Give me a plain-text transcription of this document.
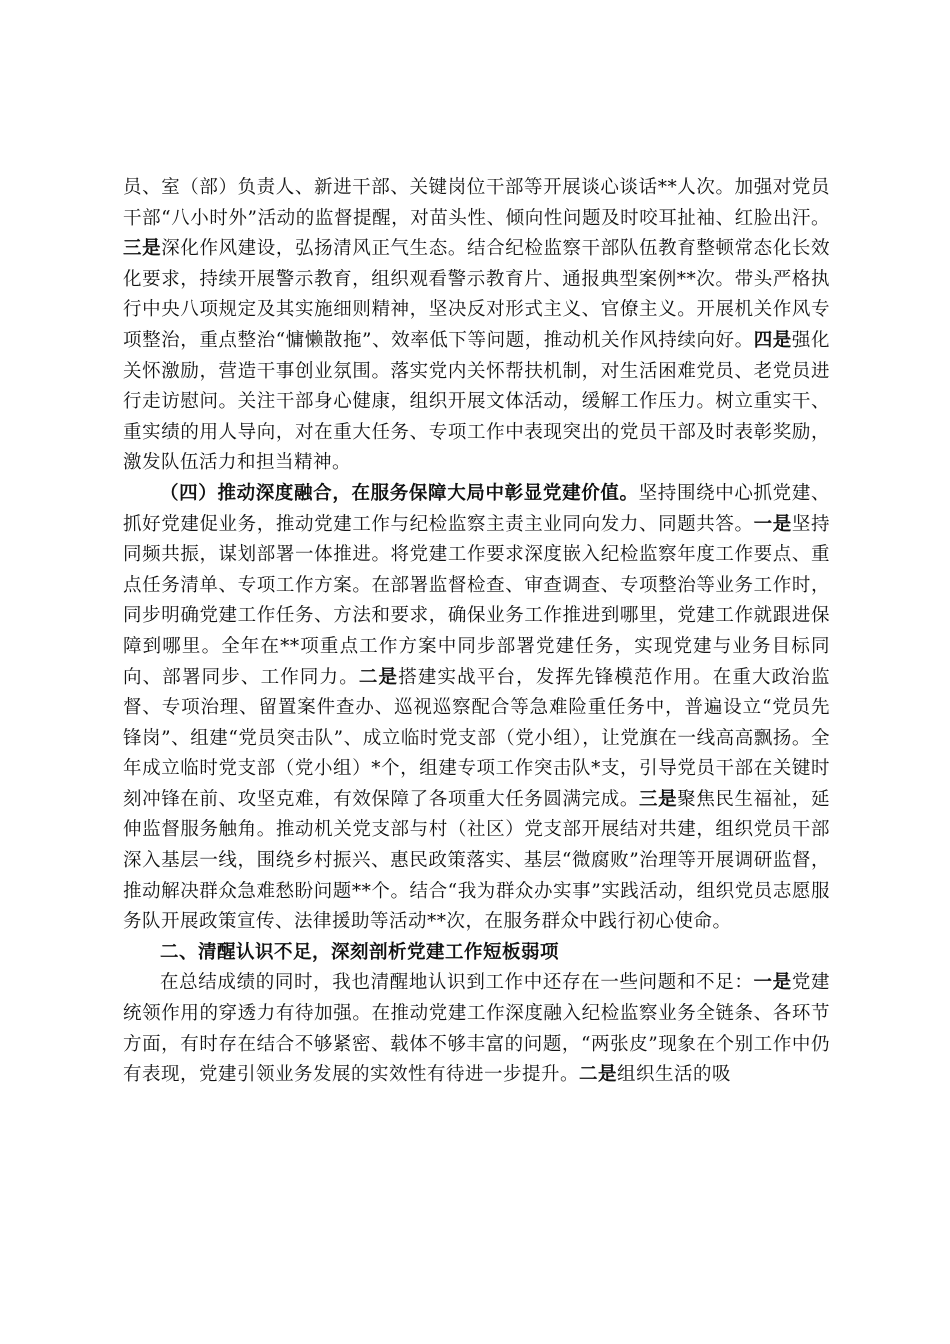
员、室（部）负责人、新进干部、关键岗位干部等开展谈心谈话**人次。加强对党员干部“八小时外”活动的监督提醒，对苗头性、倾向性问题及时咬耳扯袖、红脸出汗。三是深化作风建设，弘扬清风正气生态。结合纪检监察干部队伍教育整顿常态化长效化要求，持续开展警示教育，组织观看警示教育片、通报典型案例**次。带头严格执行中央八项规定及其实施细则精神，坚决反对形式主义、官僚主义。开展机关作风专项整治，重点整治“慵懒散拖”、效率低下等问题，推动机关作风持续向好。四是强化关怀激励，营造干事创业氛围。落实党内关怀帮扶机制，对生活困难党员、老党员进行走访慰问。关注干部身心健康，组织开展文体活动，缓解工作压力。树立重实干、重实绩的用人导向，对在重大任务、专项工作中表现突出的党员干部及时表彰奖励，激发队伍活力和担当精神。

（四）推动深度融合，在服务保障大局中彰显党建价值。坚持围绕中心抓党建、抓好党建促业务，推动党建工作与纪检监察主责主业同向发力、同题共答。一是坚持同频共振，谋划部署一体推进。将党建工作要求深度嵌入纪检监察年度工作要点、重点任务清单、专项工作方案。在部署监督检查、审查调查、专项整治等业务工作时，同步明确党建工作任务、方法和要求，确保业务工作推进到哪里，党建工作就跟进保障到哪里。全年在**项重点工作方案中同步部署党建任务，实现党建与业务目标同向、部署同步、工作同力。二是搭建实战平台，发挥先锋模范作用。在重大政治监督、专项治理、留置案件查办、巡视巡察配合等急难险重任务中，普遍设立“党员先锋岗”、组建“党员突击队”、成立临时党支部（党小组），让党旗在一线高高飘扬。全年成立临时党支部（党小组）*个，组建专项工作突击队*支，引导党员干部在关键时刻冲锋在前、攻坚克难，有效保障了各项重大任务圆满完成。三是聚焦民生福祉，延伸监督服务触角。推动机关党支部与村（社区）党支部开展结对共建，组织党员干部深入基层一线，围绕乡村振兴、惠民政策落实、基层“微腐败”治理等开展调研监督，推动解决群众急难愁盼问题**个。结合“我为群众办实事”实践活动，组织党员志愿服务队开展政策宣传、法律援助等活动**次，在服务群众中践行初心使命。

二、清醒认识不足，深刻剖析党建工作短板弱项

在总结成绩的同时，我也清醒地认识到工作中还存在一些问题和不足：一是党建统领作用的穿透力有待加强。在推动党建工作深度融入纪检监察业务全链条、各环节方面，有时存在结合不够紧密、载体不够丰富的问题，“两张皮”现象在个别工作中仍有表现，党建引领业务发展的实效性有待进一步提升。二是组织生活的吸
